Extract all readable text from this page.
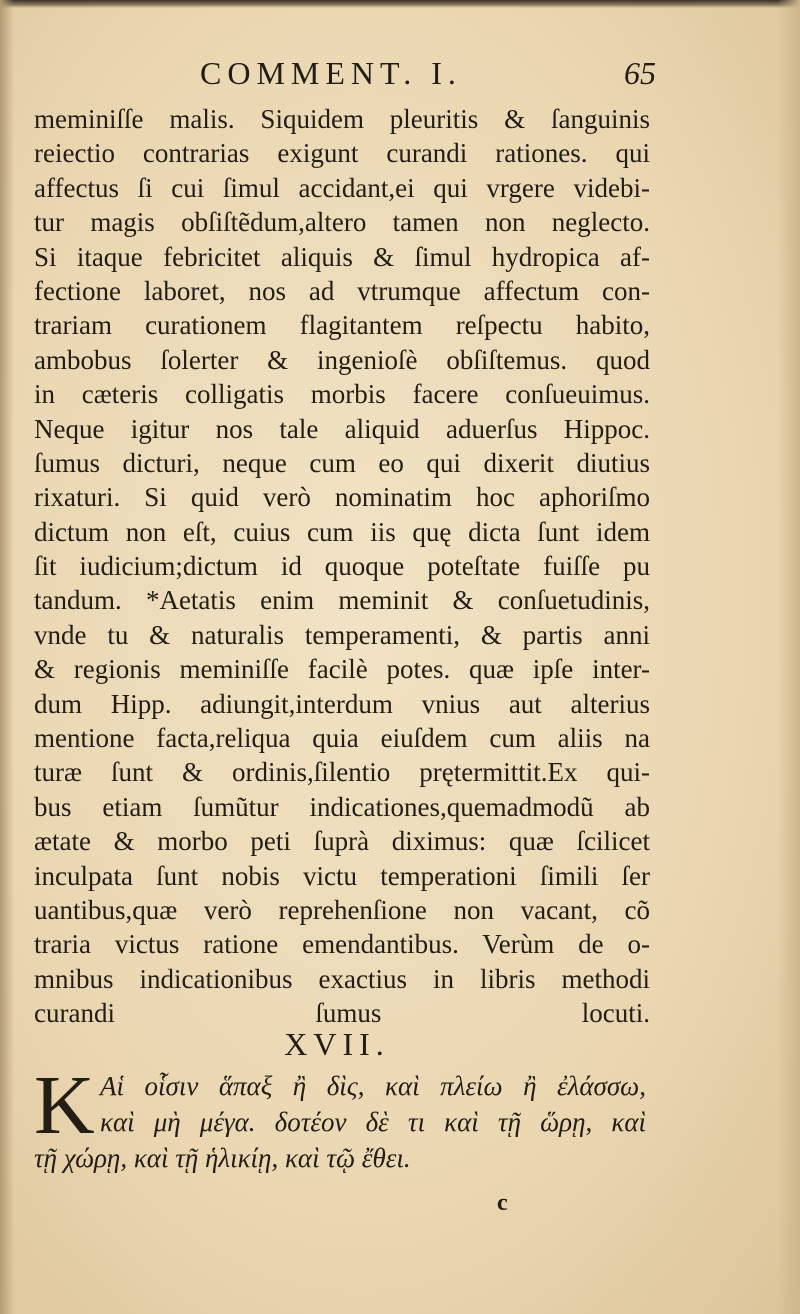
COMMENT. I.	65
meminiſſe malis. Siquidem pleuritis & ſanguinis
reiectio contrarias exigunt curandi rationes. qui
affectus ſi cui ſimul accidant,ei qui vrgere videbi-
tur magis obſiſtẽdum,altero tamen non neglecto.
Si itaque febricitet aliquis & ſimul hydropica af-
fectione laboret, nos ad vtrumque affectum con-
trariam curationem flagitantem reſpectu habito,
ambobus ſolerter & ingenioſè obſiſtemus. quod
in cæteris colligatis morbis facere conſueuimus.
Neque igitur nos tale aliquid aduerſus Hippoc.
ſumus dicturi, neque cum eo qui dixerit diutius
rixaturi. Si quid verò nominatim hoc aphoriſmo
dictum non eſt, cuius cum iis quę dicta ſunt idem
ſit iudicium;dictum id quoque poteſtate fuiſſe pu
tandum. *Aetatis enim meminit & conſuetudinis,
vnde tu & naturalis temperamenti, & partis anni
& regionis meminiſſe facilè potes. quæ ipſe inter-
dum Hipp. adiungit,interdum vnius aut alterius
mentione facta,reliqua quia eiuſdem cum aliis na
turæ ſunt & ordinis,ſilentio prętermittit.Ex qui-
bus etiam ſumũtur indicationes,quemadmodũ ab
ætate & morbo peti ſuprà diximus: quæ ſcilicet
inculpata ſunt nobis victu temperationi ſimili ſer
uantibus,quæ verò reprehenſione non vacant, cõ
traria victus ratione emendantibus. Verùm de o-
mnibus indicationibus exactius in libris methodi
curandi ſumus locuti.
XVII.
K Αἱ οἷσιν ἅπαξ ἢ δὶς, καὶ πλείω ἢ ἐλάσσω,
καὶ μὴ μέγα. δοτέον δὲ τι καὶ τῇ ὥρῃ, καὶ
τῇ χώρῃ, καὶ τῇ ἡλικίῃ, καὶ τῷ ἔθει.
c
